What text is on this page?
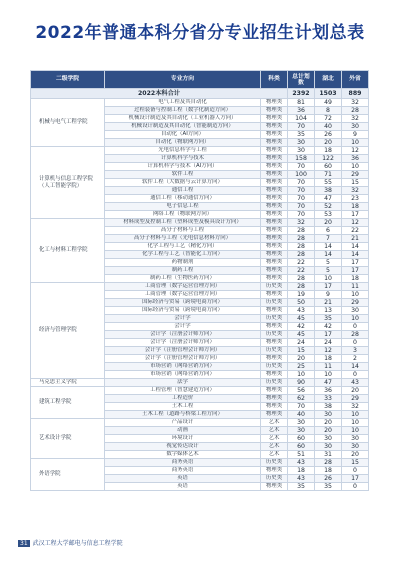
2022年普通本科分省分专业招生计划总表
二级学院	专业方向	科类	总计划数	湖北	外省
2022本科合计			2392	1503	889
机械与电气工程学院	电气工程及其自动化	物理类	81	49	32
	过程装备与控制工程（数字化制造方向）	物理类	36	8	28
	机械设计制造及其自动化（工业机器人方向）	物理类	104	72	32
	机械设计制造及其自动化（智能制造方向）	物理类	70	40	30
	自动化（AI方向）	物理类	35	26	9
	自动化（物联网方向）	物理类	30	20	10
计算机与信息工程学院（人工智能学院）	光电信息科学与工程	物理类	30	18	12
	计算机科学与技术	物理类	158	122	36
	计算机科学与技术（AI方向）	物理类	70	60	10
	软件工程	物理类	100	71	29
	软件工程（大数据与云计算方向）	物理类	70	55	15
	通信工程	物理类	70	38	32
	通信工程（移动通信方向）	物理类	70	47	23
	电子信息工程	物理类	70	52	18
	网络工程（物联网方向）	物理类	70	53	17
化工与材料工程学院	材料成型及控制工程（塑料成型及模具设计方向）	物理类	32	20	12
	高分子材料与工程	物理类	28	6	22
	高分子材料与工程（光电信息材料方向）	物理类	28	7	21
	化学工程与工艺（精化方向）	物理类	28	14	14
	化学工程与工艺（智能化工方向）	物理类	28	14	14
	药物制剂	物理类	22	5	17
	制药工程	物理类	22	5	17
	制药工程（生物医药方向）	物理类	28	10	18
经济与管理学院	工商管理（数字运营管理方向）	历史类	28	17	11
	工商管理（数字运营管理方向）	物理类	19	9	10
	国际经济与贸易（跨境电商方向）	历史类	50	21	29
	国际经济与贸易（跨境电商方向）	物理类	43	13	30
	会计学	历史类	45	35	10
	会计学	物理类	42	42	0
	会计学（注册会计师方向）	历史类	45	17	28
	会计学（注册会计师方向）	物理类	24	24	0
	会计学（注册管理会计师方向）	历史类	15	12	3
	会计学（注册管理会计师方向）	物理类	20	18	2
	市场营销（网络营销方向）	历史类	25	11	14
	市场营销（网络营销方向）	物理类	10	10	0
马克思主义学院	法学	历史类	90	47	43
建筑工程学院	工程管理（智慧建造方向）	物理类	56	36	20
	工程造价	物理类	62	33	29
	土木工程	物理类	70	38	32
	土木工程（道路与桥梁工程方向）	物理类	40	30	10
艺术设计学院	产品设计	艺术	30	20	10
	动画	艺术	30	20	10
	环境设计	艺术	60	30	30
	视觉传达设计	艺术	60	30	30
	数字媒体艺术	艺术	51	31	20
外语学院	商务英语	历史类	43	28	15
	商务英语	物理类	18	18	0
	英语	历史类	43	26	17
	英语	物理类	35	35	0
31 武汉工程大学邮电与信息工程学院
